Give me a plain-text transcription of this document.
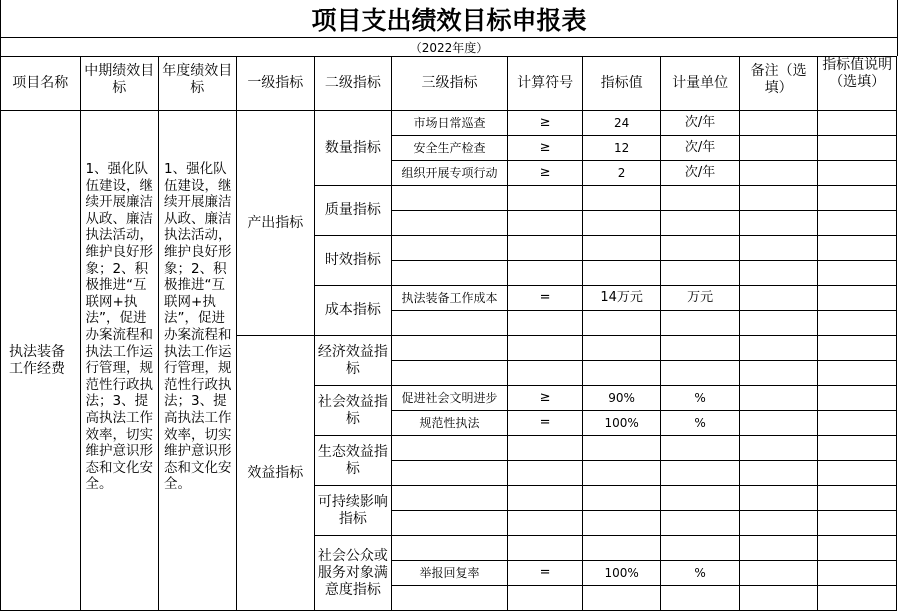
项目支出绩效目标申报表
（2022年度）
项目名称	中期绩效目标	年度绩效目标	一级指标	二级指标	三级指标	计算符号	指标值	计量单位	备注（选填）	指标值说明（选填）
执法装备工作经费	1、强化队伍建设，继续开展廉洁从政、廉洁执法活动，维护良好形象；2、积极推进“互联网+执法”，促进办案流程和执法工作运行管理，规范性行政执法；3、提高执法工作效率，切实维护意识形态和文化安全。	1、强化队伍建设，继续开展廉洁从政、廉洁执法活动，维护良好形象；2、积极推进“互联网+执法”，促进办案流程和执法工作运行管理，规范性行政执法；3、提高执法工作效率，切实维护意识形态和文化安全。	产出指标	数量指标	市场日常巡查	≥	24	次/年		
					安全生产检查	≥	12	次/年		
					组织开展专项行动	≥	2	次/年		
				质量指标						

				时效指标						

				成本指标	执法装备工作成本	=	14万元	万元		

			效益指标	经济效益指标						

				社会效益指标	促进社会文明进步	≥	90%	%		
					规范性执法	=	100%	%		
				生态效益指标						

				可持续影响指标						

				社会公众或服务对象满意度指标						
					举报回复率	=	100%	%		
